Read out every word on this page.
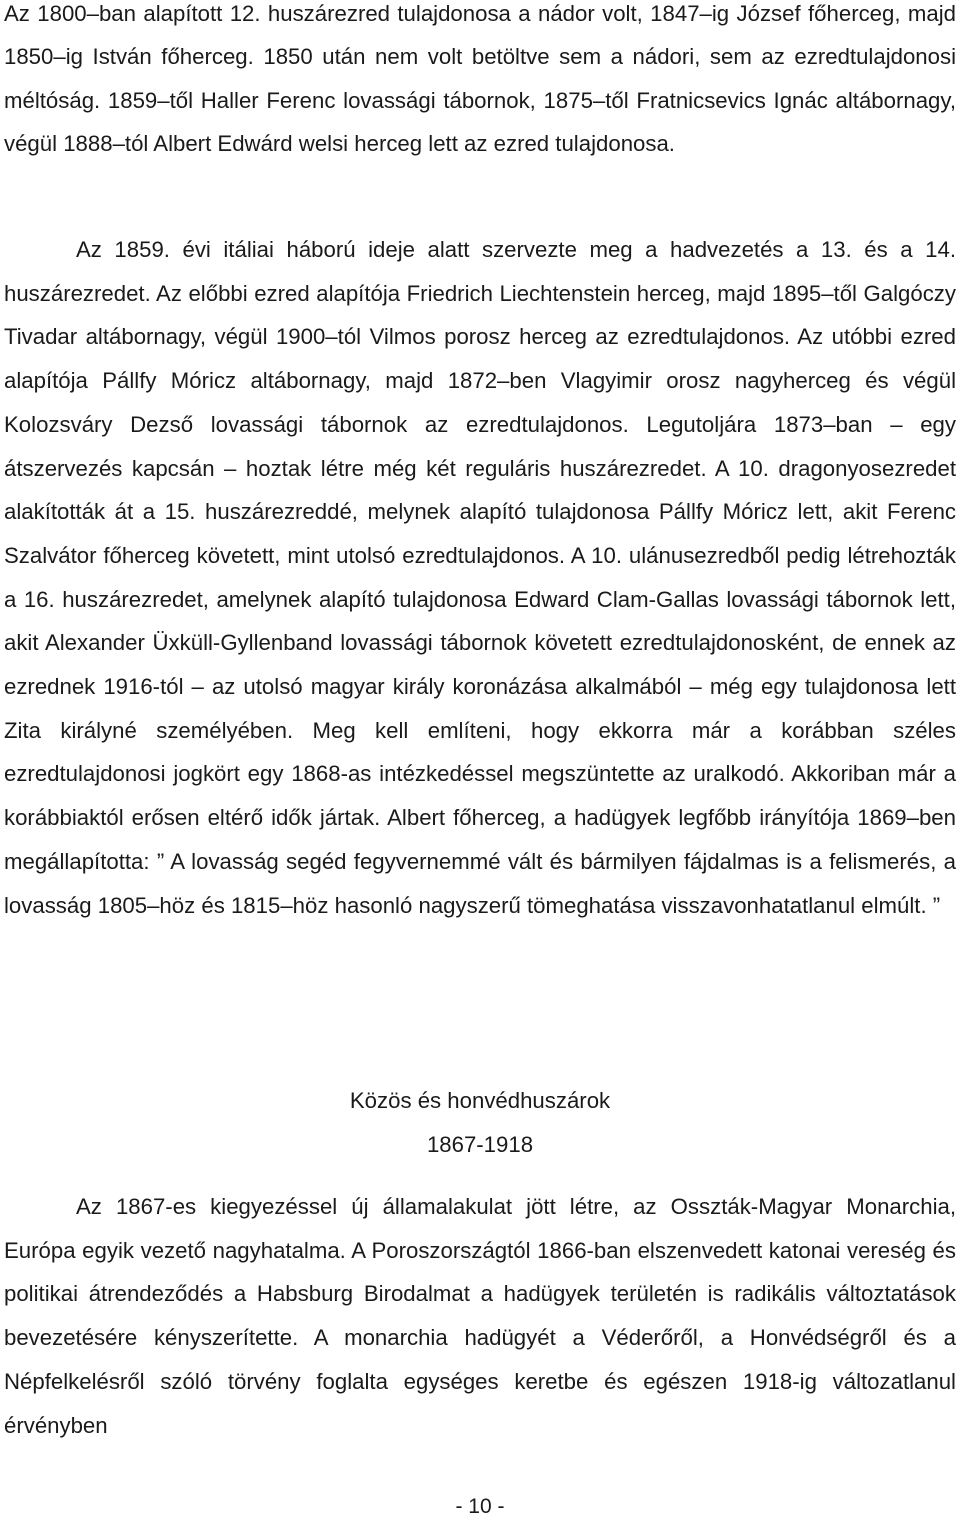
Az 1800–ban alapított 12. huszárezred tulajdonosa a nádor volt, 1847–ig József főherceg, majd 1850–ig István főherceg. 1850 után nem volt betöltve sem a nádori, sem az ezredtulajdonosi méltóság. 1859–től Haller Ferenc lovassági tábornok, 1875–től Fratnicsevics Ignác altábornagy, végül 1888–tól Albert Edwárd welsi herceg lett az ezred tulajdonosa.

Az 1859. évi itáliai háború ideje alatt szervezte meg a hadvezetés a 13. és a 14. huszárezredet. Az előbbi ezred alapítója Friedrich Liechtenstein herceg, majd 1895–től Galgóczy Tivadar altábornagy, végül 1900–tól Vilmos porosz herceg az ezredtulajdonos. Az utóbbi ezred alapítója Pállfy Móricz altábornagy, majd 1872–ben Vlagyimir orosz nagyherceg és végül Kolozsváry Dezső lovassági tábornok az ezredtulajdonos. Legutoljára 1873–ban – egy átszervezés kapcsán – hoztak létre még két reguláris huszárezredet. A 10. dragonyosezredet alakították át a 15. huszárezreddé, melynek alapító tulajdonosa Pállfy Móricz lett, akit Ferenc Szalvátor főherceg követett, mint utolsó ezredtulajdonos. A 10. ulánusezredből pedig létrehozták a 16. huszárezredet, amelynek alapító tulajdonosa Edward Clam-Gallas lovassági tábornok lett, akit Alexander Üxküll-Gyllenband lovassági tábornok követett ezredtulajdonosként, de ennek az ezrednek 1916-tól – az utolsó magyar király koronázása alkalmából – még egy tulajdonosa lett Zita királyné személyében. Meg kell említeni, hogy ekkorra már a korábban széles ezredtulajdonosi jogkört egy 1868-as intézkedéssel megszüntette az uralkodó. Akkoriban már a korábbiaktól erősen eltérő idők jártak. Albert főherceg, a hadügyek legfőbb irányítója 1869–ben megállapította: ” A lovasság segéd fegyvernemmé vált és bármilyen fájdalmas is a felismerés, a lovasság 1805–höz és 1815–höz hasonló nagyszerű tömeghatása visszavonhatatlanul elmúlt. ”

Közös és honvédhuszárok
1867-1918

Az 1867-es kiegyezéssel új államalakulat jött létre, az Osszták-Magyar Monarchia, Európa egyik vezető nagyhatalma. A Poroszországtól 1866-ban elszenvedett katonai vereség és politikai átrendeződés a Habsburg Birodalmat a hadügyek területén is radikális változtatások bevezetésére kényszerítette. A monarchia hadügyét a Véderőről, a Honvédségről és a Népfelkelésről szóló törvény foglalta egységes keretbe és egészen 1918-ig változatlanul érvényben

- 10 -
